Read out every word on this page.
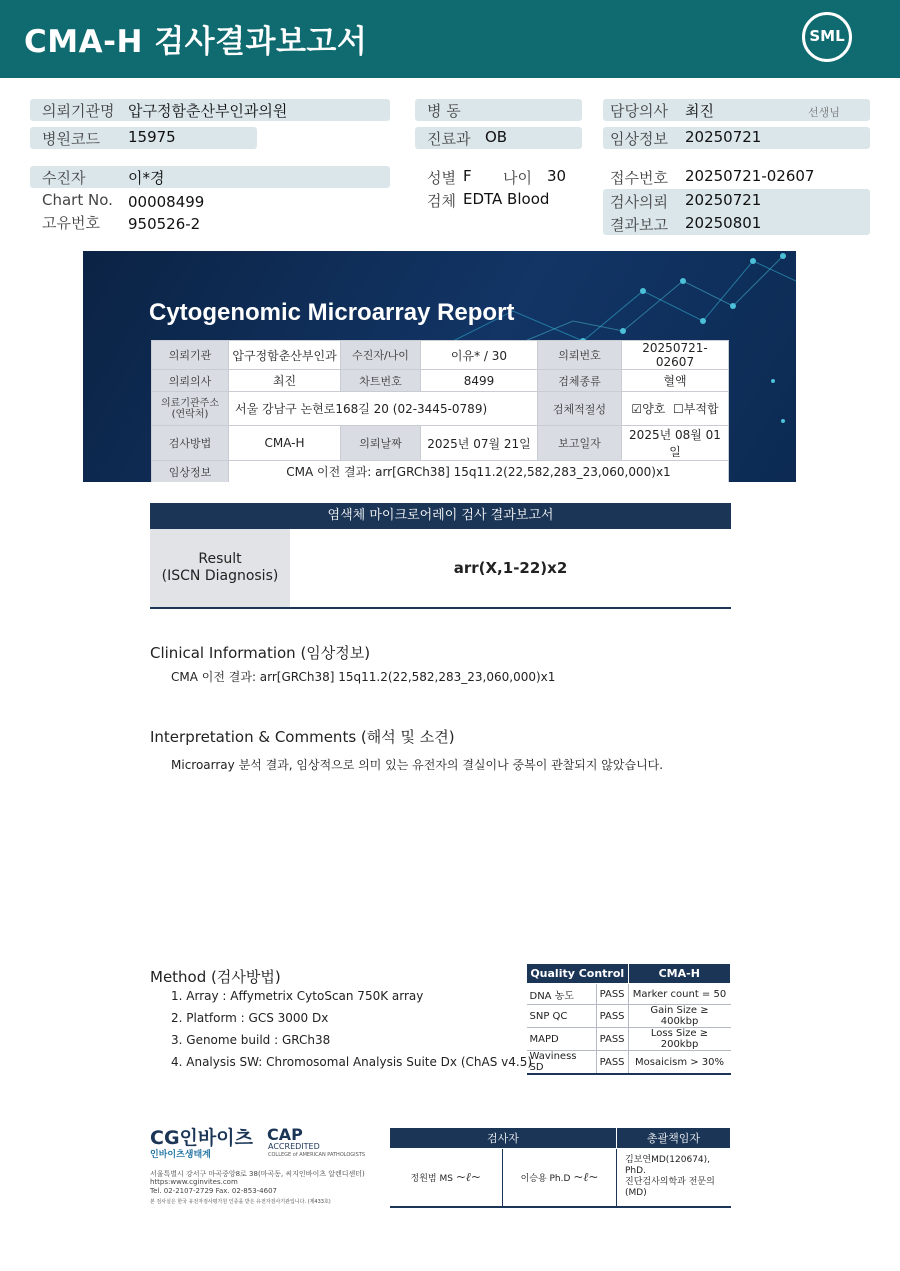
CMA-H 검사결과보고서	SML
의뢰기관명 압구정함춘산부인과의원
병원코드 15975
수진자	이*경
Chart No. 00008499
고유번호 950526-2
병 동
진료과 OB
성별 F 나이 30
검체 EDTA Blood
담당의사 최진	선생님
임상정보 20250721
접수번호 20250721-02607
검사의뢰 20250721
결과보고 20250801
Cytogenomic Microarray Report
의뢰기관	압구정함춘산부인과	수진자/나이	이유* / 30	의뢰번호	20250721-02607
의뢰의사	최진	차트번호	8499	검체종류	혈액
의료기관주소
(연락처)	서울 강남구 논현로168길 20 (02-3445-0789)			검체적절성	☑양호 ☐부적합
검사방법	CMA-H	의뢰날짜	2025년 07월 21일	보고일자	2025년 08월 01일
임상정보	CMA 이전 결과: arr[GRCh38] 15q11.2(22,582,283_23,060,000)x1				
염색체 마이크로어레이 검사 결과보고서
Result
(ISCN Diagnosis)	arr(X,1-22)x2
Clinical Information (임상정보)
CMA 이전 결과: arr[GRCh38] 15q11.2(22,582,283_23,060,000)x1
Interpretation & Comments (해석 및 소견)
Microarray 분석 결과, 임상적으로 의미 있는 유전자의 결실이나 중복이 관찰되지 않았습니다.
Method (검사방법)
1. Array : Affymetrix CytoScan 750K array
2. Platform : GCS 3000 Dx
3. Genome build : GRCh38
4. Analysis SW: Chromosomal Analysis Suite Dx (ChAS v4.5)
Quality Control		CMA-H
DNA 농도	PASS	Marker count = 50
SNP QC	PASS	Gain Size ≥ 400kbp
MAPD	PASS	Loss Size ≥ 200kbp
Waviness SD	PASS	Mosaicism > 30%
CG인바이츠
인바이츠생태계
CAP
ACCREDITED
COLLEGE of AMERICAN PATHOLOGISTS
서울특별시 강서구 마곡중앙8로 38(마곡동, 씨지인바이츠 알렌디센터)
https:www.cginvites.com
Tel. 02-2107-2729 Fax. 02-853-4607
본 검사실은 한국 유전자검사평가원 인증을 받은 유전자검사기관입니다. (제433호)
검사자		총괄책임자
정원범 MS ~ℓ~	이승용 Ph.D ~ℓ~	김보연MD(120674), PhD.
진단검사의학과 전문의(MD)
